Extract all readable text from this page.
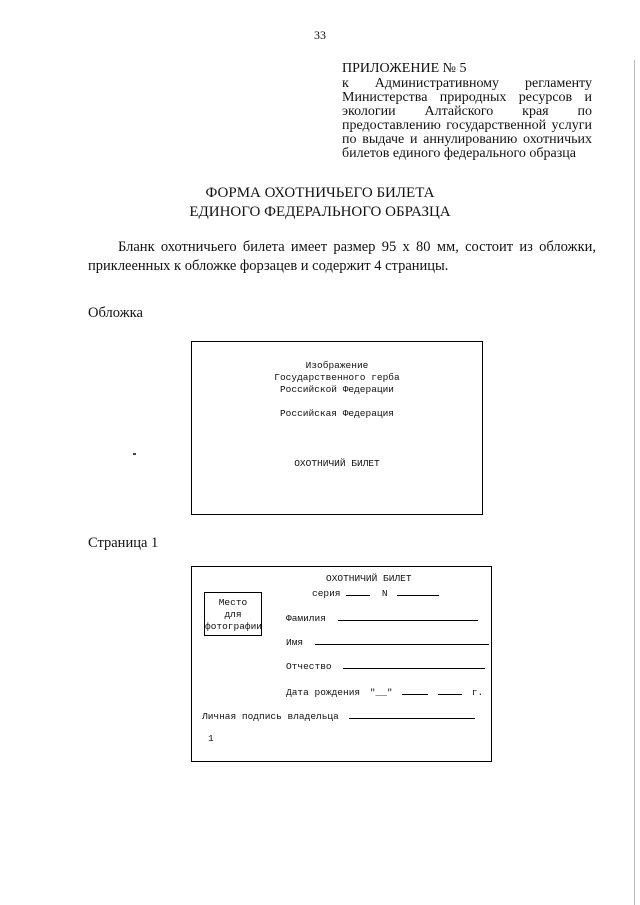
33
ПРИЛОЖЕНИЕ № 5
к Административному регламенту Министерства природных ресурсов и экологии Алтайского края по предоставлению государственной услуги по выдаче и аннулированию охотничьих билетов единого федерального образца
ФОРМА ОХОТНИЧЬЕГО БИЛЕТА
ЕДИНОГО ФЕДЕРАЛЬНОГО ОБРАЗЦА

Бланк охотничьего билета имеет размер 95 х 80 мм, состоит из обложки, приклеенных к обложке форзацев и содержит 4 страницы.

Обложка
Изображение
Государственного герба
Российской Федерации
Российская Федерация
ОХОТНИЧИЙ БИЛЕТ
Страница 1
ОХОТНИЧИЙ БИЛЕТ
серия	N
Место
для
фотографии
Фамилия
Имя
Отчество
Дата рождения "__"	г.
Личная подпись владельца
1
